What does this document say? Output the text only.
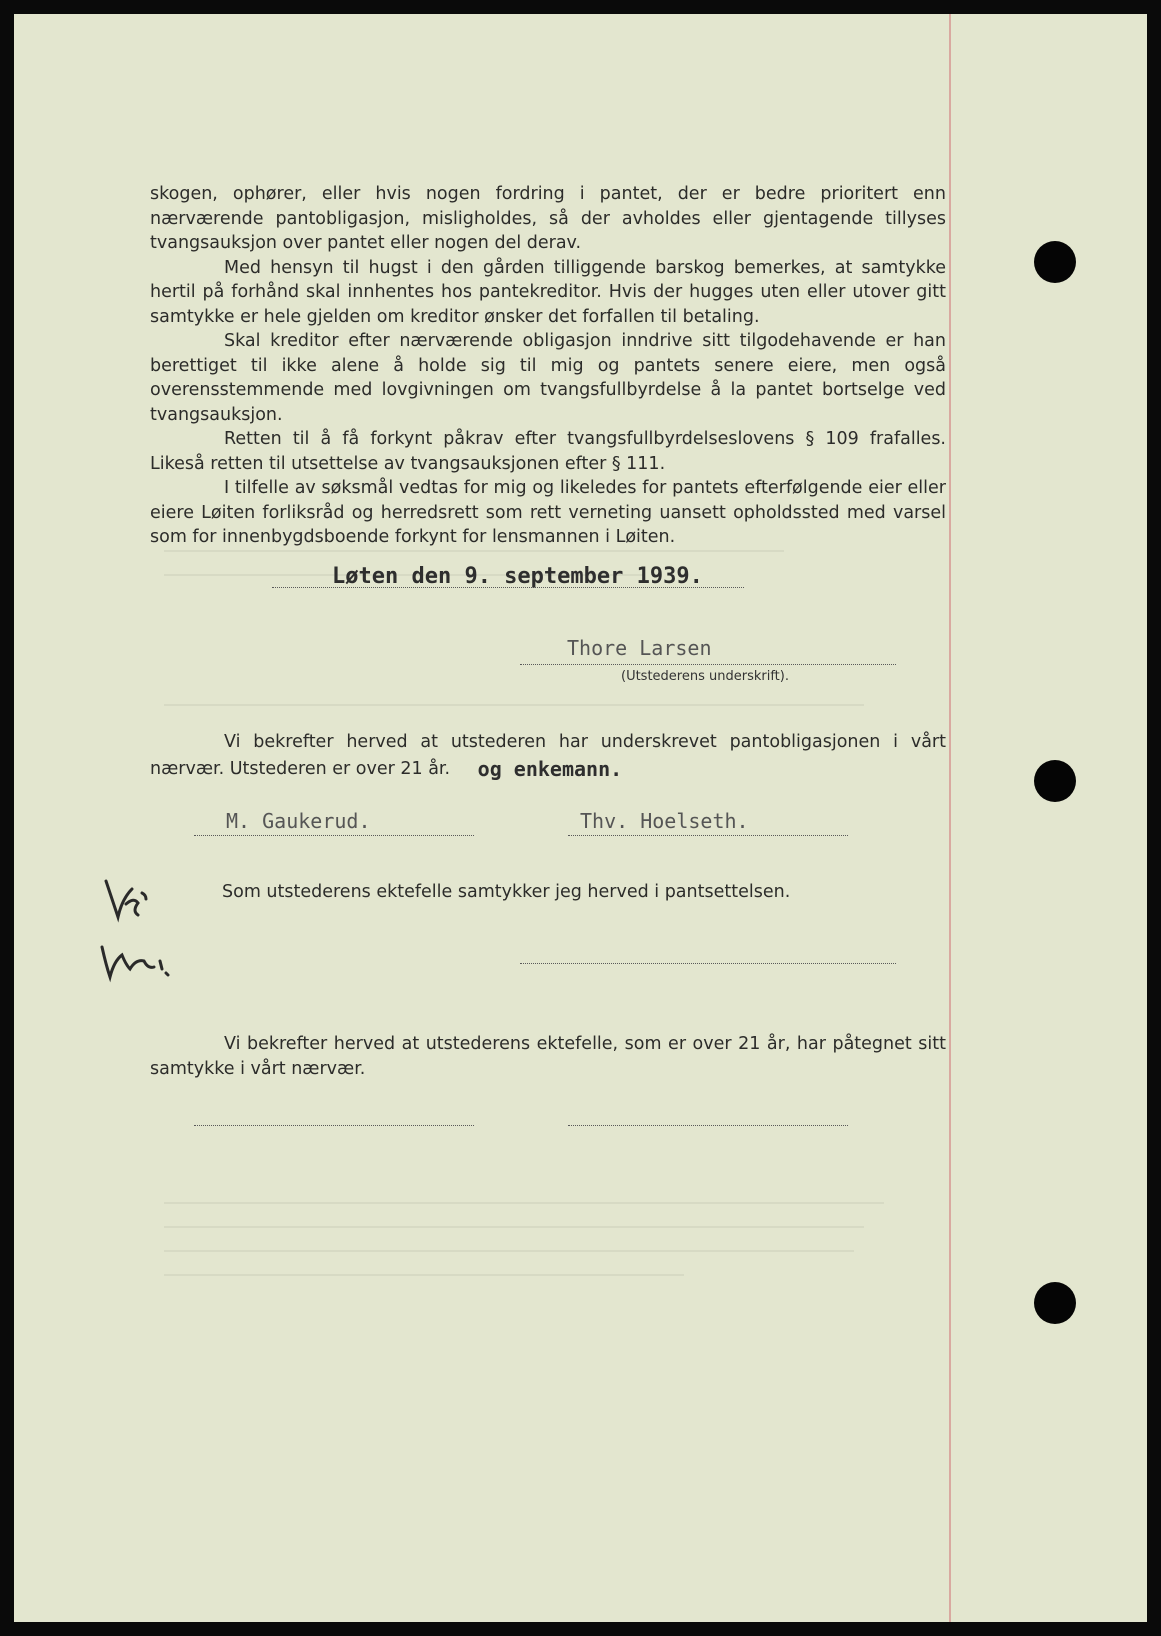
skogen, ophører, eller hvis nogen fordring i pantet, der er bedre prioritert enn nærværende pantobligasjon, misligholdes, så der avholdes eller gjentagende tillyses tvangsauksjon over pantet eller nogen del derav.

Med hensyn til hugst i den gården tilliggende barskog bemerkes, at samtykke hertil på forhånd skal innhentes hos pantekreditor. Hvis der hugges uten eller utover gitt samtykke er hele gjelden om kreditor ønsker det forfallen til betaling.

Skal kreditor efter nærværende obligasjon inndrive sitt tilgodehavende er han berettiget til ikke alene å holde sig til mig og pantets senere eiere, men også overensstemmende med lovgivningen om tvangsfullbyrdelse å la pantet bortselge ved tvangsauksjon.

Retten til å få forkynt påkrav efter tvangsfullbyrdelseslovens § 109 frafalles. Likeså retten til utsettelse av tvangsauksjonen efter § 111.

I tilfelle av søksmål vedtas for mig og likeledes for pantets efterfølgende eier eller eiere Løiten forliksråd og herredsrett som rett verneting uansett opholdssted med varsel som for innenbygdsboende forkynt for lensmannen i Løiten.

Løten den 9. september 1939.
Thore Larsen
(Utstederens underskrift).
Vi bekrefter herved at utstederen har underskrevet pantobligasjonen i vårt nærvær. Utstederen er over 21 år. og enkemann.
M. Gaukerud.	Thv. Hoelseth.
Som utstederens ektefelle samtykker jeg herved i pantsettelsen.
Vi bekrefter herved at utstederens ektefelle, som er over 21 år, har påtegnet sitt samtykke i vårt nærvær.
